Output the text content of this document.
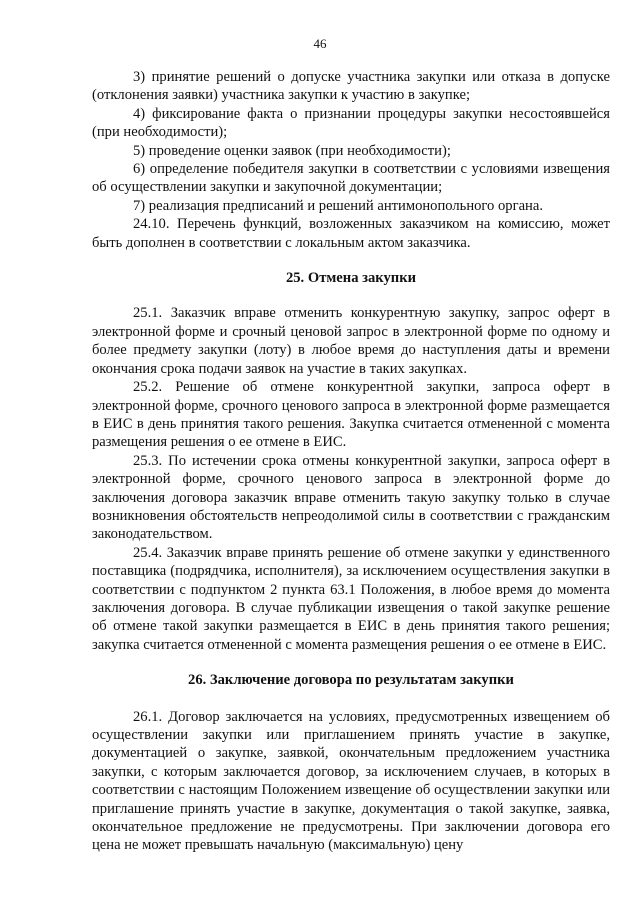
46

3) принятие решений о допуске участника закупки или отказа в допуске (отклонения заявки) участника закупки к участию в закупке;

4) фиксирование факта о признании процедуры закупки несостоявшейся (при необходимости);

5) проведение оценки заявок (при необходимости);

6) определение победителя закупки в соответствии с условиями извещения об осуществлении закупки и закупочной документации;

7) реализация предписаний и решений антимонопольного органа.

24.10. Перечень функций, возложенных заказчиком на комиссию, может быть дополнен в соответствии с локальным актом заказчика.

25. Отмена закупки

25.1. Заказчик вправе отменить конкурентную закупку, запрос оферт в электронной форме и срочный ценовой запрос в электронной форме по одному и более предмету закупки (лоту) в любое время до наступления даты и времени окончания срока подачи заявок на участие в таких закупках.

25.2. Решение об отмене конкурентной закупки, запроса оферт в электронной форме, срочного ценового запроса в электронной форме размещается в ЕИС в день принятия такого решения. Закупка считается отмененной с момента размещения решения о ее отмене в ЕИС.

25.3. По истечении срока отмены конкурентной закупки, запроса оферт в электронной форме, срочного ценового запроса в электронной форме до заключения договора заказчик вправе отменить такую закупку только в случае возникновения обстоятельств непреодолимой силы в соответствии с гражданским законодательством.

25.4. Заказчик вправе принять решение об отмене закупки у единственного поставщика (подрядчика, исполнителя), за исключением осуществления закупки в соответствии с подпунктом 2 пункта 63.1 Положения, в любое время до момента заключения договора. В случае публикации извещения о такой закупке решение об отмене такой закупки размещается в ЕИС в день принятия такого решения; закупка считается отмененной с момента размещения решения о ее отмене в ЕИС.

26. Заключение договора по результатам закупки

26.1. Договор заключается на условиях, предусмотренных извещением об осуществлении закупки или приглашением принять участие в закупке, документацией о закупке, заявкой, окончательным предложением участника закупки, с которым заключается договор, за исключением случаев, в которых в соответствии с настоящим Положением извещение об осуществлении закупки или приглашение принять участие в закупке, документация о такой закупке, заявка, окончательное предложение не предусмотрены. При заключении договора его цена не может превышать начальную (максимальную) цену
